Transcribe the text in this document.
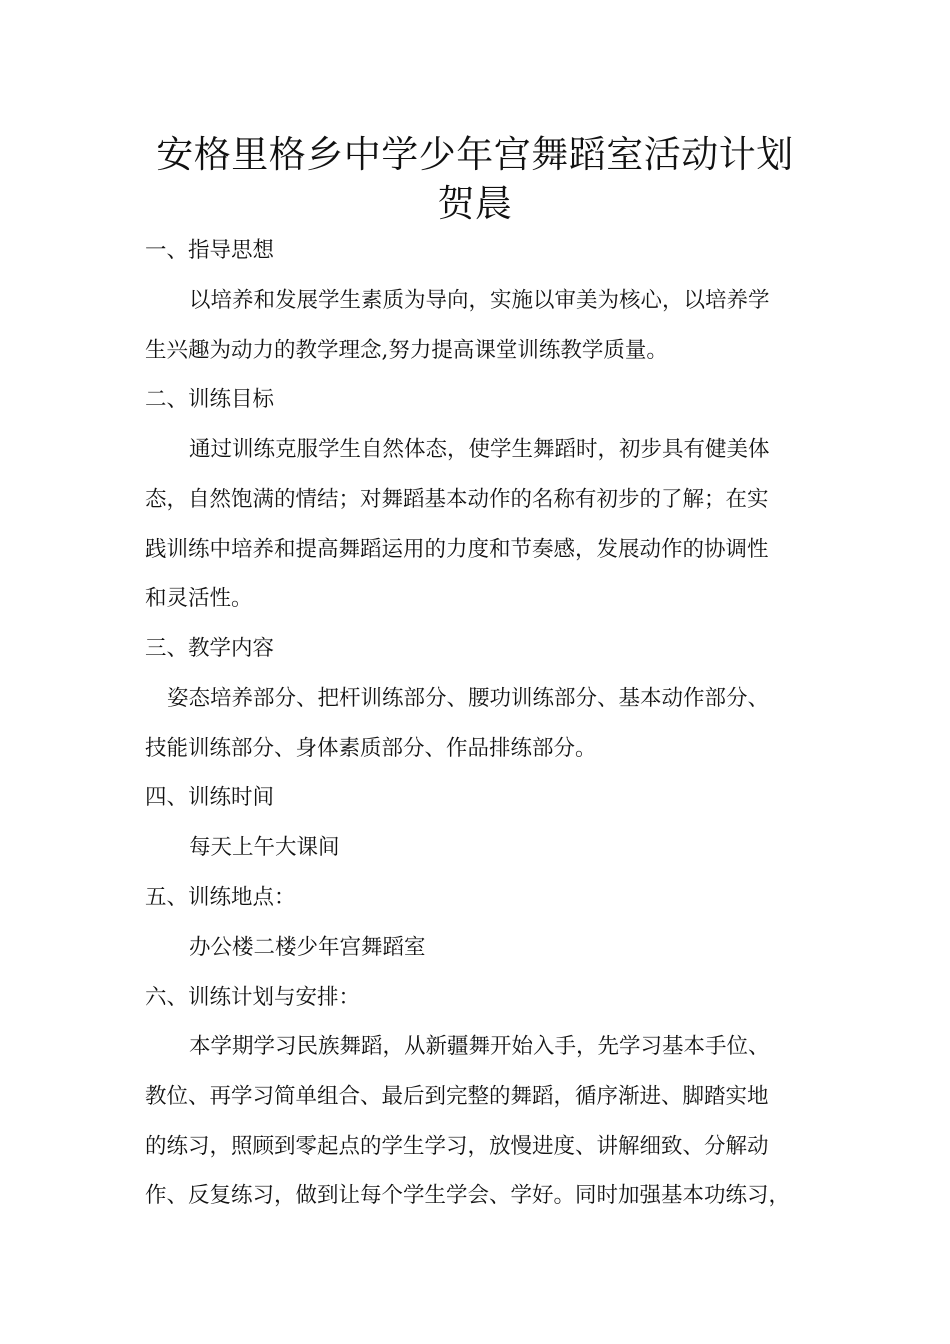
安格里格乡中学少年宫舞蹈室活动计划
贺晨
一、指导思想
以培养和发展学生素质为导向，实施以审美为核心，以培养学
生兴趣为动力的教学理念,努力提高课堂训练教学质量。
二、训练目标
通过训练克服学生自然体态，使学生舞蹈时，初步具有健美体
态，自然饱满的情结；对舞蹈基本动作的名称有初步的了解；在实
践训练中培养和提高舞蹈运用的力度和节奏感，发展动作的协调性
和灵活性。
三、教学内容
姿态培养部分、把杆训练部分、腰功训练部分、基本动作部分、
技能训练部分、身体素质部分、作品排练部分。
四、训练时间
每天上午大课间
五、训练地点：
办公楼二楼少年宫舞蹈室
六、训练计划与安排：
本学期学习民族舞蹈，从新疆舞开始入手，先学习基本手位、
教位、再学习简单组合、最后到完整的舞蹈，循序渐进、脚踏实地
的练习，照顾到零起点的学生学习，放慢进度、讲解细致、分解动
作、反复练习，做到让每个学生学会、学好。同时加强基本功练习，
